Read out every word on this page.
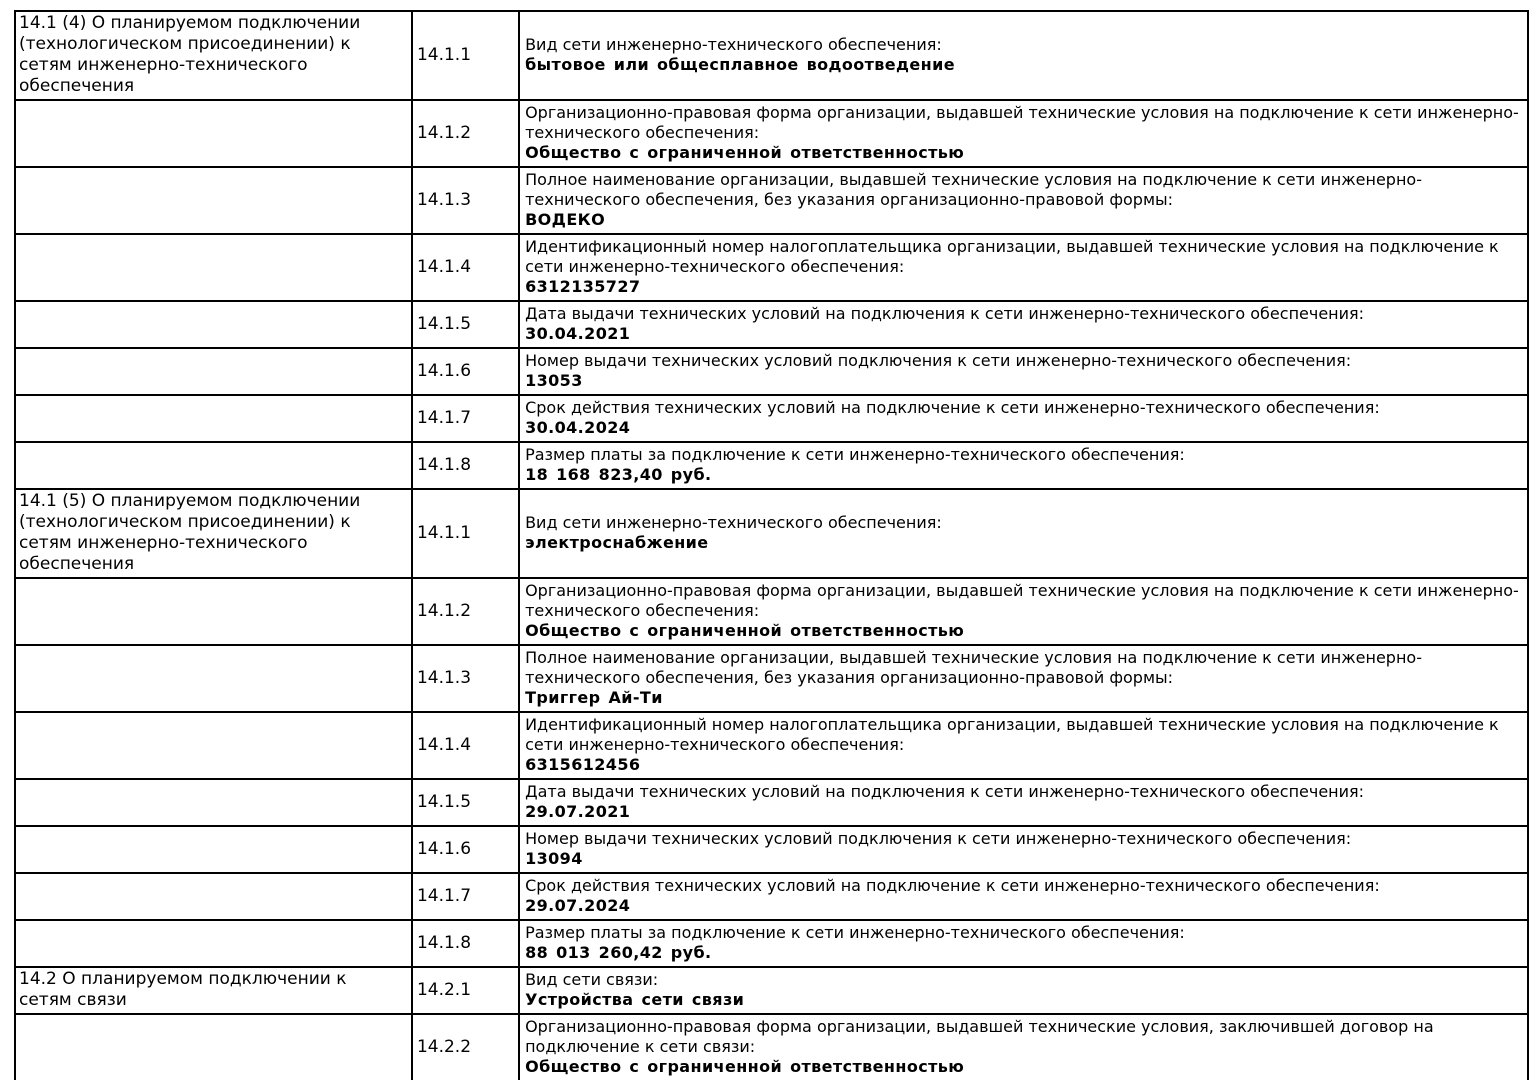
14.1 (4) О планируемом подключении (технологическом присоединении) к сетям инженерно-технического обеспечения	14.1.1	Вид сети инженерно-технического обеспечения:
бытовое или общесплавное водоотведение

	14.1.2	Организационно-правовая форма организации, выдавшей технические условия на подключение к сети инженерно-технического обеспечения:
Общество с ограниченной ответственностью

	14.1.3	Полное наименование организации, выдавшей технические условия на подключение к сети инженерно-технического обеспечения, без указания организационно-правовой формы:
ВОДЕКО

	14.1.4	Идентификационный номер налогоплательщика организации, выдавшей технические условия на подключение к сети инженерно-технического обеспечения:
6312135727

	14.1.5	Дата выдачи технических условий на подключения к сети инженерно-технического обеспечения:
30.04.2021

	14.1.6	Номер выдачи технических условий подключения к сети инженерно-технического обеспечения:
13053

	14.1.7	Срок действия технических условий на подключение к сети инженерно-технического обеспечения:
30.04.2024

	14.1.8	Размер платы за подключение к сети инженерно-технического обеспечения:
18 168 823,40 руб.

14.1 (5) О планируемом подключении (технологическом присоединении) к сетям инженерно-технического обеспечения	14.1.1	Вид сети инженерно-технического обеспечения:
электроснабжение

	14.1.2	Организационно-правовая форма организации, выдавшей технические условия на подключение к сети инженерно-технического обеспечения:
Общество с ограниченной ответственностью

	14.1.3	Полное наименование организации, выдавшей технические условия на подключение к сети инженерно-технического обеспечения, без указания организационно-правовой формы:
Триггер Ай-Ти

	14.1.4	Идентификационный номер налогоплательщика организации, выдавшей технические условия на подключение к сети инженерно-технического обеспечения:
6315612456

	14.1.5	Дата выдачи технических условий на подключения к сети инженерно-технического обеспечения:
29.07.2021

	14.1.6	Номер выдачи технических условий подключения к сети инженерно-технического обеспечения:
13094

	14.1.7	Срок действия технических условий на подключение к сети инженерно-технического обеспечения:
29.07.2024

	14.1.8	Размер платы за подключение к сети инженерно-технического обеспечения:
88 013 260,42 руб.

14.2 О планируемом подключении к сетям связи	14.2.1	Вид сети связи:
Устройства сети связи

	14.2.2	Организационно-правовая форма организации, выдавшей технические условия, заключившей договор на подключение к сети связи:
Общество с ограниченной ответственностью
